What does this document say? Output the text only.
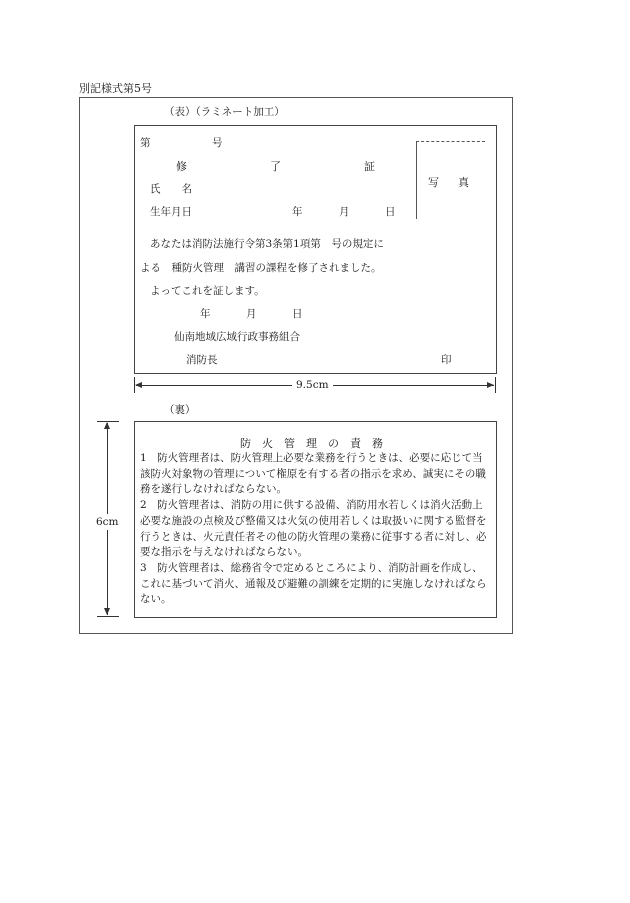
別記様式第5号
（表）（ラミネート加工）
写　真
第	号
修	了	証
氏　　名
生年月日	年	月	日
あなたは消防法施行令第3条第1項第　号の規定に
よる　種防火管理　講習の課程を修了されました。
よってこれを証します。
年	月	日
仙南地域広域行政事務組合
消防長	印
9.5cm
（裏）
防　火　管　理　の　責　務

1　防火管理者は、防火管理上必要な業務を行うときは、必要に応じて当該防火対象物の管理について権原を有する者の指示を求め、誠実にその職務を遂行しなければならない。

2　防火管理者は、消防の用に供する設備、消防用水若しくは消火活動上必要な施設の点検及び整備又は火気の使用若しくは取扱いに関する監督を行うときは、火元責任者その他の防火管理の業務に従事する者に対し、必要な指示を与えなければならない。

3　防火管理者は、総務省令で定めるところにより、消防計画を作成し、これに基づいて消火、通報及び避難の訓練を定期的に実施しなければならない。

6cm
